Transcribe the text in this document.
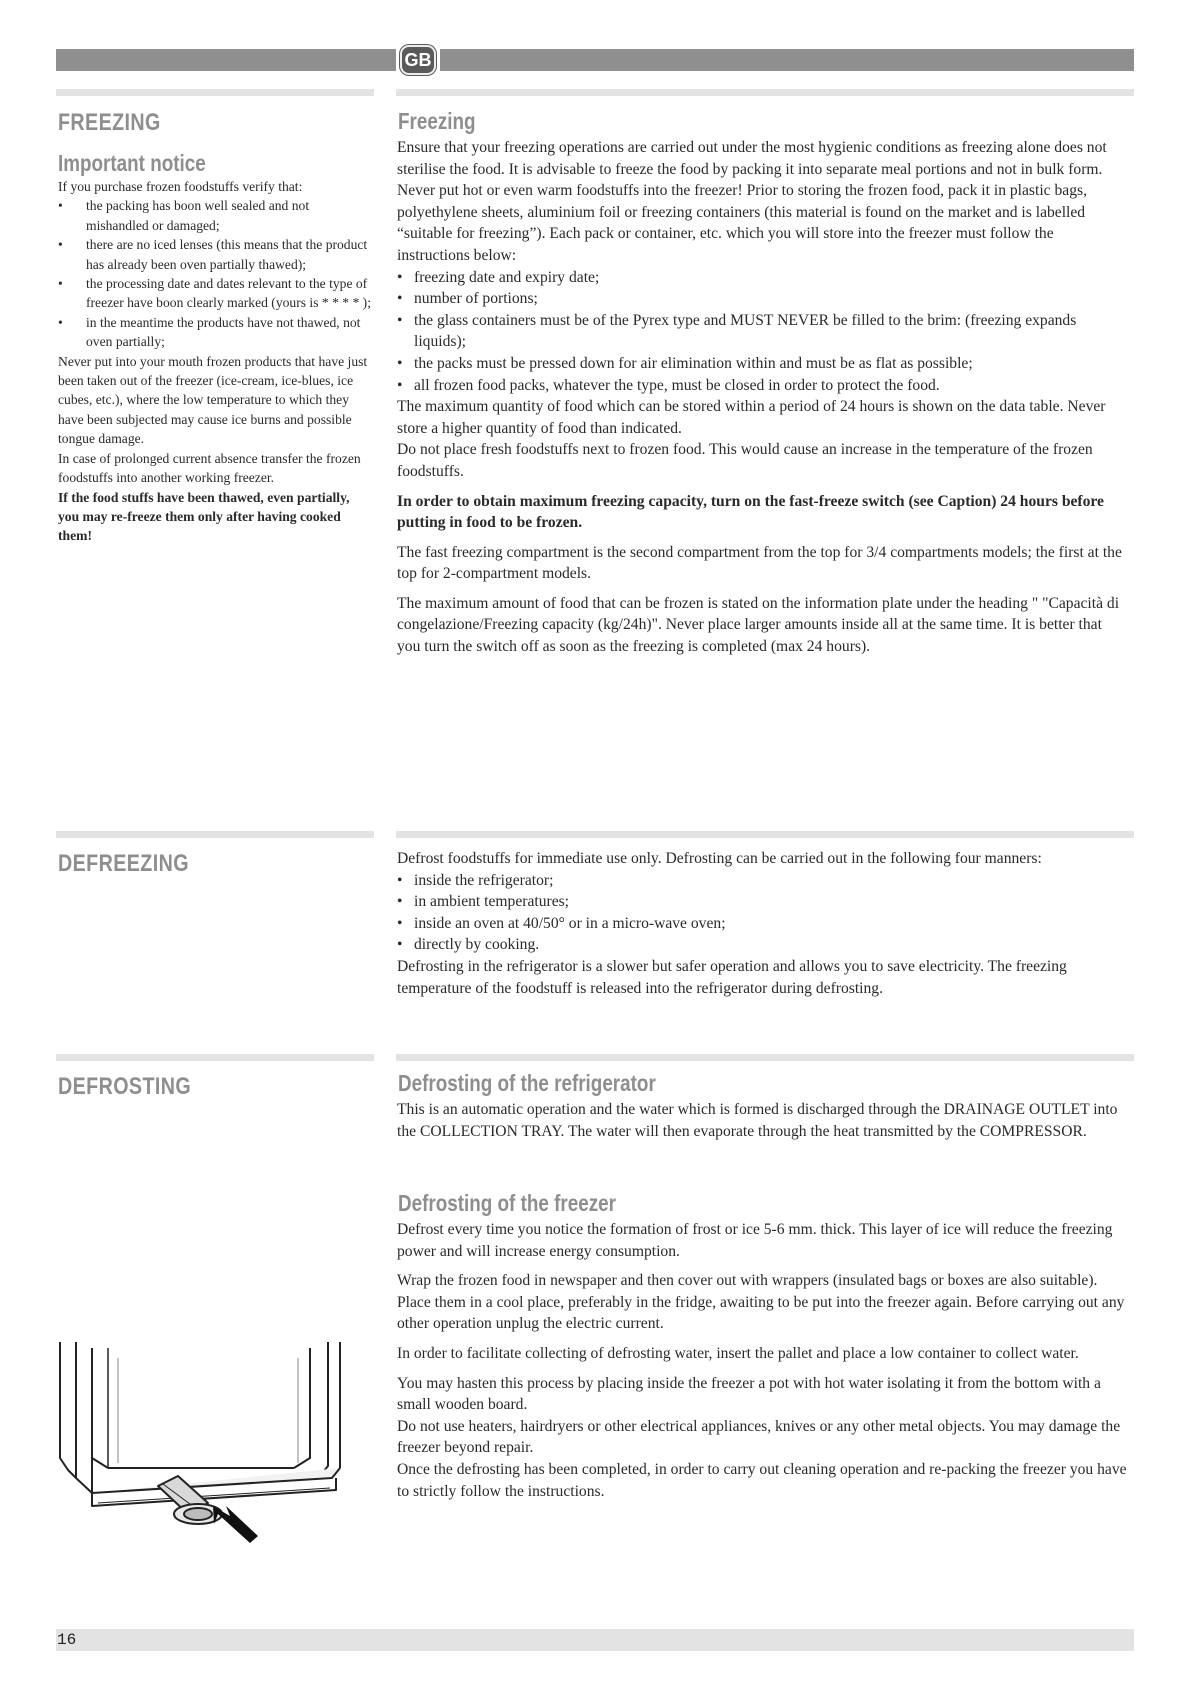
GB
FREEZING
Important notice

If you purchase frozen foodstuffs verify that:

• the packing has boon well sealed and not mishandled or damaged;
• there are no iced lenses (this means that the product has already been oven partially thawed);
• the processing date and dates relevant to the type of freezer have boon clearly marked (yours is * * * * );
• in the meantime the products have not thawed, not oven partially;

Never put into your mouth frozen products that have just been taken out of the freezer (ice-cream, ice-blues, ice cubes, etc.), where the low temperature to which they have been subjected may cause ice burns and possible tongue damage.

In case of prolonged current absence transfer the frozen foodstuffs into another working freezer.

If the food stuffs have been thawed, even partially, you may re-freeze them only after having cooked them!

Freezing

Ensure that your freezing operations are carried out under the most hygienic conditions as freezing alone does not sterilise the food. It is advisable to freeze the food by packing it into separate meal portions and not in bulk form. Never put hot or even warm foodstuffs into the freezer! Prior to storing the frozen food, pack it in plastic bags, polyethylene sheets, aluminium foil or freezing containers (this material is found on the market and is labelled “suitable for freezing”). Each pack or container, etc. which you will store into the freezer must follow the instructions below:

• freezing date and expiry date;
• number of portions;
• the glass containers must be of the Pyrex type and MUST NEVER be filled to the brim: (freezing expands liquids);
• the packs must be pressed down for air elimination within and must be as flat as possible;
• all frozen food packs, whatever the type, must be closed in order to protect the food.

The maximum quantity of food which can be stored within a period of 24 hours is shown on the data table. Never store a higher quantity of food than indicated.

Do not place fresh foodstuffs next to frozen food. This would cause an increase in the temperature of the frozen foodstuffs.

In order to obtain maximum freezing capacity, turn on the fast-freeze switch (see Caption) 24 hours before putting in food to be frozen.

The fast freezing compartment is the second compartment from the top for 3/4 compartments models; the first at the top for 2-compartment models.

The maximum amount of food that can be frozen is stated on the information plate under the heading " "Capacità di congelazione/Freezing capacity (kg/24h)". Never place larger amounts inside all at the same time. It is better that you turn the switch off as soon as the freezing is completed (max 24 hours).

DEFREEZING	Defrost foodstuffs for immediate use only. Defrosting can be carried out in the following four manners:

• inside the refrigerator;
• in ambient temperatures;
• inside an oven at 40/50° or in a micro-wave oven;
• directly by cooking.

Defrosting in the refrigerator is a slower but safer operation and allows you to save electricity. The freezing temperature of the foodstuff is released into the refrigerator during defrosting.

DEFROSTING	Defrosting of the refrigerator

This is an automatic operation and the water which is formed is discharged through the DRAINAGE OUTLET into the COLLECTION TRAY. The water will then evaporate through the heat transmitted by the COMPRESSOR.

Defrosting of the freezer

Defrost every time you notice the formation of frost or ice 5-6 mm. thick. This layer of ice will reduce the freezing power and will increase energy consumption.

Wrap the frozen food in newspaper and then cover out with wrappers (insulated bags or boxes are also suitable). Place them in a cool place, preferably in the fridge, awaiting to be put into the freezer again. Before carrying out any other operation unplug the electric current.

In order to facilitate collecting of defrosting water, insert the pallet and place a low container to collect water.

You may hasten this process by placing inside the freezer a pot with hot water isolating it from the bottom with a small wooden board.

Do not use heaters, hairdryers or other electrical appliances, knives or any other metal objects. You may damage the freezer beyond repair.

Once the defrosting has been completed, in order to carry out cleaning operation and re-packing the freezer you have to strictly follow the instructions.

16
